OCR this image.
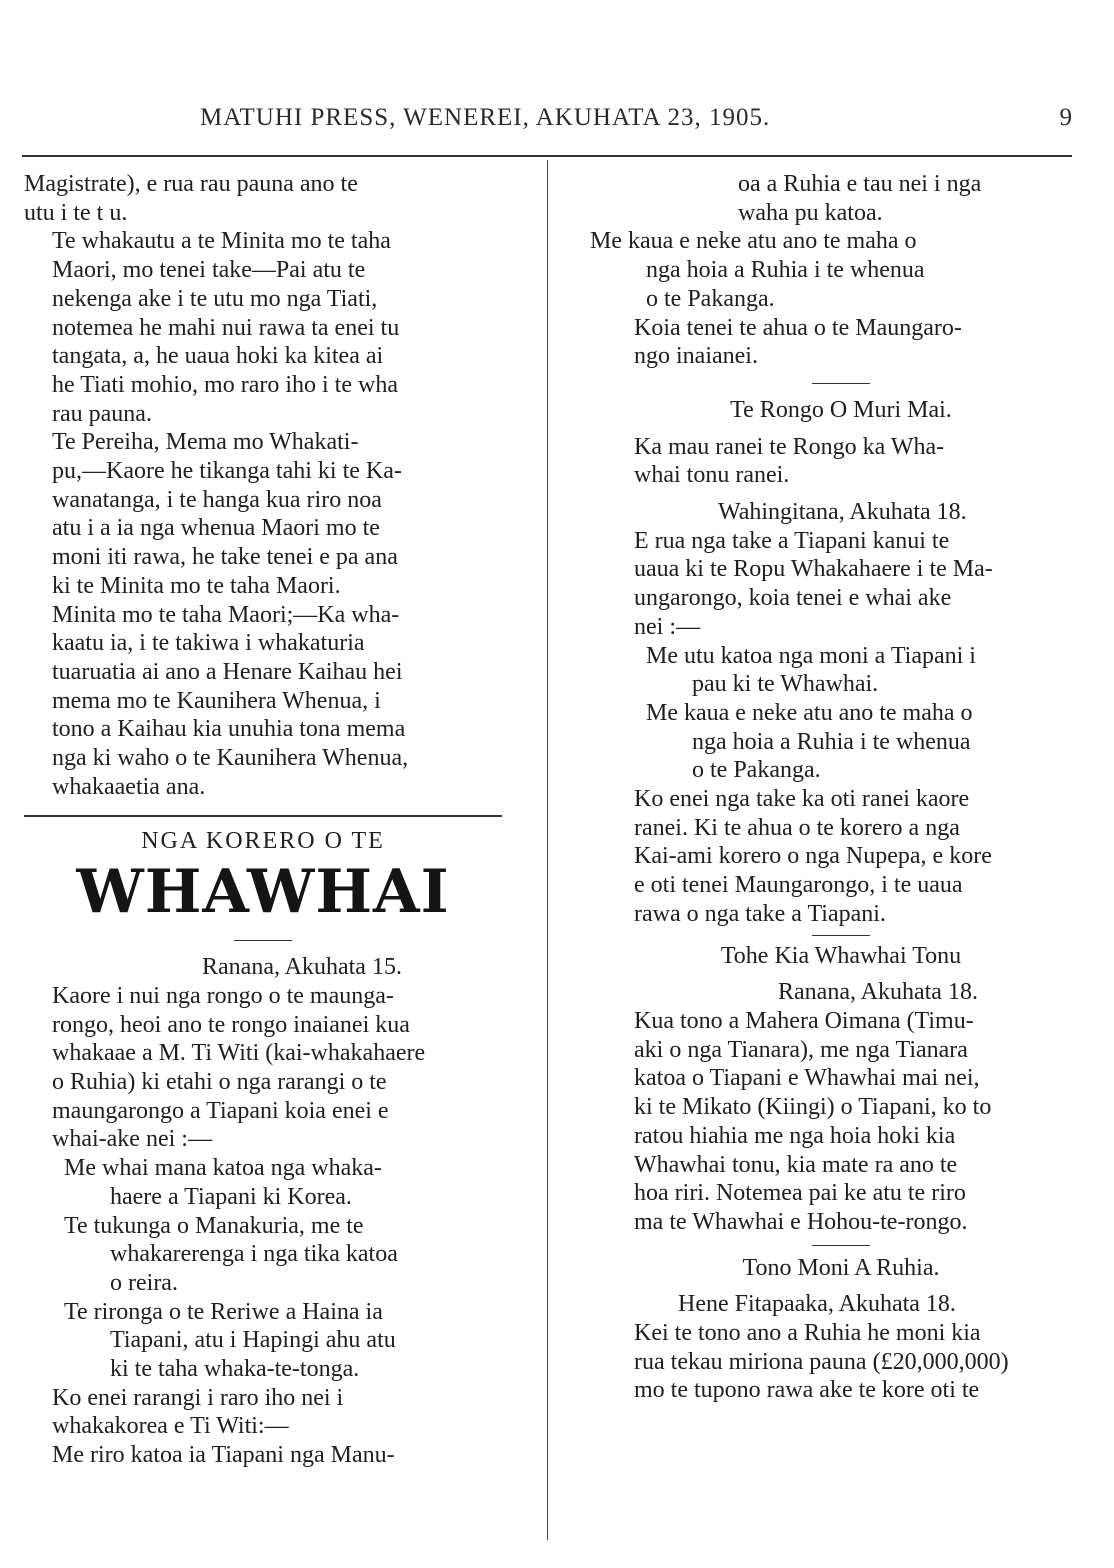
MATUHI PRESS, WENEREI, AKUHATA 23, 1905.	9

Magistrate), e rua rau pauna ano te
utu i te t u.

Te whakautu a te Minita mo te taha
Maori, mo tenei take—Pai atu te
nekenga ake i te utu mo nga Tiati,
notemea he mahi nui rawa ta enei tu
tangata, a, he uaua hoki ka kitea ai
he Tiati mohio, mo raro iho i te wha
rau pauna.

Te Pereiha, Mema mo Whakati-
pu,—Kaore he tikanga tahi ki te Ka-
wanatanga, i te hanga kua riro noa
atu i a ia nga whenua Maori mo te
moni iti rawa, he take tenei e pa ana
ki te Minita mo te taha Maori.

Minita mo te taha Maori;—Ka wha-
kaatu ia, i te takiwa i whakaturia
tuaruatia ai ano a Henare Kaihau hei
mema mo te Kaunihera Whenua, i
tono a Kaihau kia unuhia tona mema
nga ki waho o te Kaunihera Whenua,
whakaaetia ana.

NGA KORERO O TE

WHAWHAI

Ranana, Akuhata 15.

Kaore i nui nga rongo o te maunga-
rongo, heoi ano te rongo inaianei kua
whakaae a M. Ti Witi (kai-whakahaere
o Ruhia) ki etahi o nga rarangi o te
maungarongo a Tiapani koia enei e
whai-ake nei :—

Me whai mana katoa nga whaka-
haere a Tiapani ki Korea.

Te tukunga o Manakuria, me te
whakarerenga i nga tika katoa
o reira.

Te rironga o te Reriwe a Haina ia
Tiapani, atu i Hapingi ahu atu
ki te taha whaka-te-tonga.

Ko enei rarangi i raro iho nei i
whakakorea e Ti Witi:—

Me riro katoa ia Tiapani nga Manu-

oa a Ruhia e tau nei i nga
waha pu katoa.

Me kaua e neke atu ano te maha o
nga hoia a Ruhia i te whenua
o te Pakanga.

Koia tenei te ahua o te Maungaro-
ngo inaianei.

Te Rongo O Muri Mai.

Ka mau ranei te Rongo ka Wha-
whai tonu ranei.

Wahingitana, Akuhata 18.

E rua nga take a Tiapani kanui te
uaua ki te Ropu Whakahaere i te Ma-
ungarongo, koia tenei e whai ake
nei :—

Me utu katoa nga moni a Tiapani i
pau ki te Whawhai.

Me kaua e neke atu ano te maha o
nga hoia a Ruhia i te whenua
o te Pakanga.

Ko enei nga take ka oti ranei kaore
ranei. Ki te ahua o te korero a nga
Kai-ami korero o nga Nupepa, e kore
e oti tenei Maungarongo, i te uaua
rawa o nga take a Tiapani.

Tohe Kia Whawhai Tonu

Ranana, Akuhata 18.

Kua tono a Mahera Oimana (Timu-
aki o nga Tianara), me nga Tianara
katoa o Tiapani e Whawhai mai nei,
ki te Mikato (Kiingi) o Tiapani, ko to
ratou hiahia me nga hoia hoki kia
Whawhai tonu, kia mate ra ano te
hoa riri. Notemea pai ke atu te riro
ma te Whawhai e Hohou-te-rongo.

Tono Moni A Ruhia.

Hene Fitapaaka, Akuhata 18.

Kei te tono ano a Ruhia he moni kia
rua tekau miriona pauna (£20,000,000)
mo te tupono rawa ake te kore oti te
